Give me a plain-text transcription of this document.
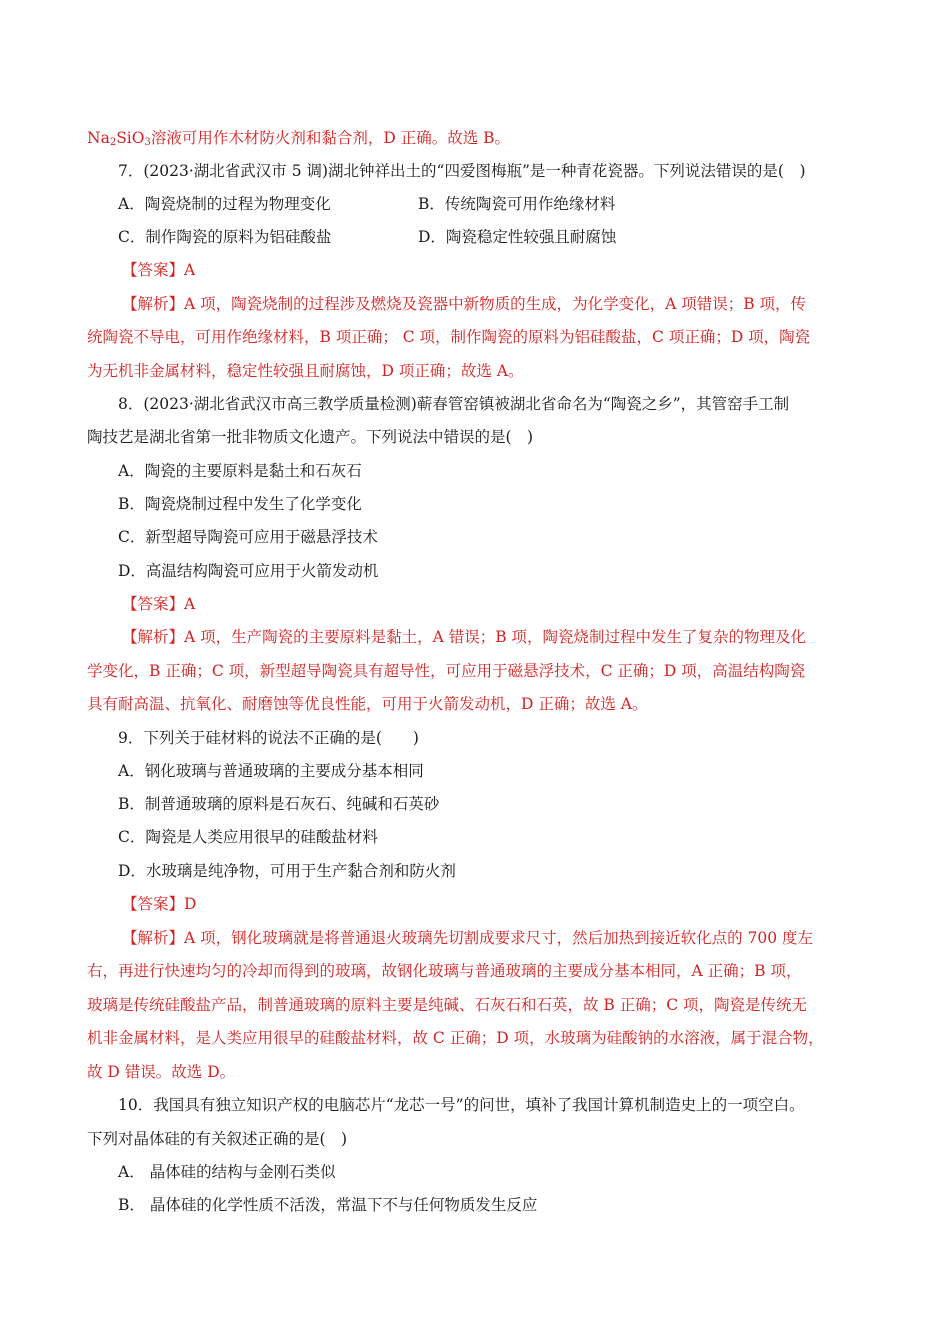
$Na_2SiO_3$溶液可用作木材防火剂和黏合剂，D 正确。故选 B。
7．(2023·湖北省武汉市 5 调)湖北钟祥出土的“四爱图梅瓶”是一种青花瓷器。下列说法错误的是(　)
A．陶瓷烧制的过程为物理变化	B．传统陶瓷可用作绝缘材料
C．制作陶瓷的原料为铝硅酸盐	D．陶瓷稳定性较强且耐腐蚀
【答案】A
【解析】A 项，陶瓷烧制的过程涉及燃烧及瓷器中新物质的生成，为化学变化，A 项错误；B 项，传
统陶瓷不导电，可用作绝缘材料，B 项正确； C 项，制作陶瓷的原料为铝硅酸盐，C 项正确；D 项，陶瓷
为无机非金属材料，稳定性较强且耐腐蚀，D 项正确；故选 A。
8．(2023·湖北省武汉市高三教学质量检测)蕲春管窑镇被湖北省命名为“陶瓷之乡”，其管窑手工制
陶技艺是湖北省第一批非物质文化遗产。下列说法中错误的是(　)
A．陶瓷的主要原料是黏土和石灰石
B．陶瓷烧制过程中发生了化学变化
C．新型超导陶瓷可应用于磁悬浮技术
D．高温结构陶瓷可应用于火箭发动机
【答案】A
【解析】A 项，生产陶瓷的主要原料是黏土，A 错误；B 项，陶瓷烧制过程中发生了复杂的物理及化
学变化，B 正确；C 项，新型超导陶瓷具有超导性，可应用于磁悬浮技术，C 正确；D 项，高温结构陶瓷
具有耐高温、抗氧化、耐磨蚀等优良性能，可用于火箭发动机，D 正确；故选 A。
9．下列关于硅材料的说法不正确的是(　　)
A．钢化玻璃与普通玻璃的主要成分基本相同
B．制普通玻璃的原料是石灰石、纯碱和石英砂
C．陶瓷是人类应用很早的硅酸盐材料
D．水玻璃是纯净物，可用于生产黏合剂和防火剂
【答案】D
【解析】A 项，钢化玻璃就是将普通退火玻璃先切割成要求尺寸，然后加热到接近软化点的 700 度左
右，再进行快速均匀的冷却而得到的玻璃，故钢化玻璃与普通玻璃的主要成分基本相同，A 正确；B 项，
玻璃是传统硅酸盐产品，制普通玻璃的原料主要是纯碱、石灰石和石英，故 B 正确；C 项，陶瓷是传统无
机非金属材料，是人类应用很早的硅酸盐材料，故 C 正确；D 项，水玻璃为硅酸钠的水溶液，属于混合物，
故 D 错误。故选 D。
10．我国具有独立知识产权的电脑芯片“龙芯一号”的问世，填补了我国计算机制造史上的一项空白。
下列对晶体硅的有关叙述正确的是(　)
A． 晶体硅的结构与金刚石类似
B． 晶体硅的化学性质不活泼，常温下不与任何物质发生反应
